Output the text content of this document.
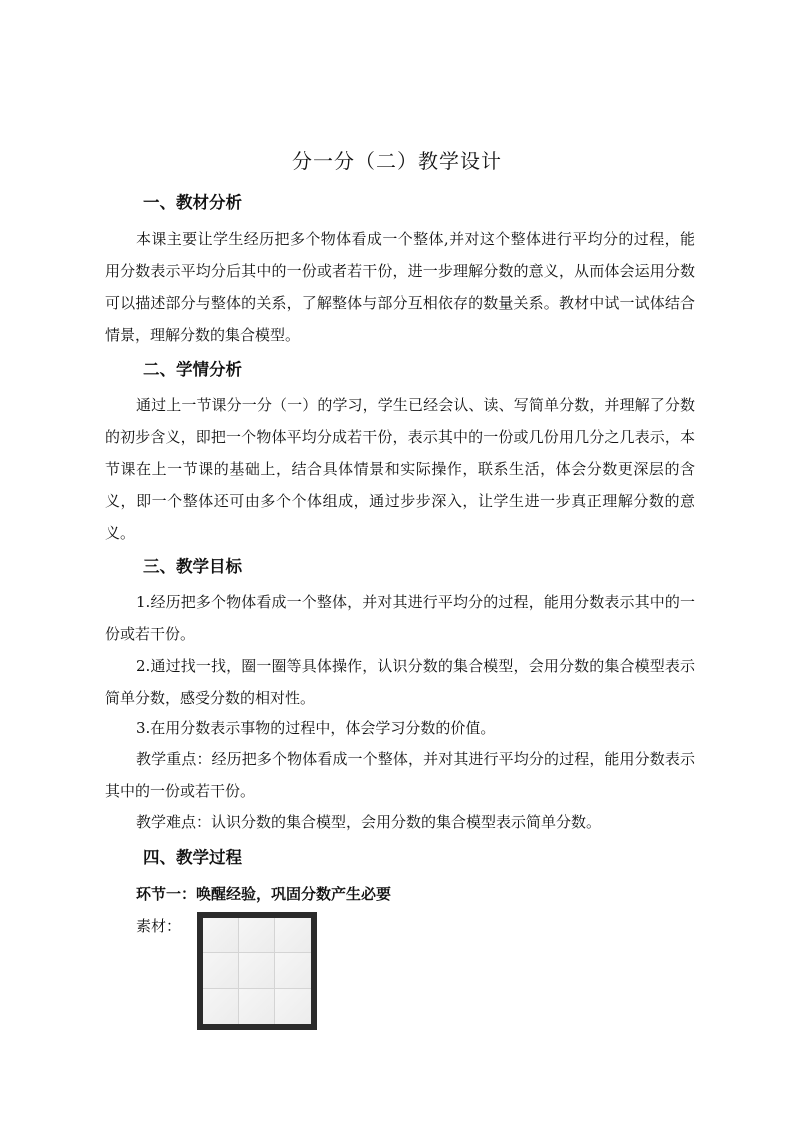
分一分（二）教学设计
一、教材分析

本课主要让学生经历把多个物体看成一个整体,并对这个整体进行平均分的过程，能用分数表示平均分后其中的一份或者若干份，进一步理解分数的意义，从而体会运用分数可以描述部分与整体的关系，了解整体与部分互相依存的数量关系。教材中试一试体结合情景，理解分数的集合模型。

二、学情分析

通过上一节课分一分（一）的学习，学生已经会认、读、写简单分数，并理解了分数的初步含义，即把一个物体平均分成若干份，表示其中的一份或几份用几分之几表示，本节课在上一节课的基础上，结合具体情景和实际操作，联系生活，体会分数更深层的含义，即一个整体还可由多个个体组成，通过步步深入，让学生进一步真正理解分数的意义。

三、教学目标

1.经历把多个物体看成一个整体，并对其进行平均分的过程，能用分数表示其中的一份或若干份。

2.通过找一找，圈一圈等具体操作，认识分数的集合模型，会用分数的集合模型表示简单分数，感受分数的相对性。

3.在用分数表示事物的过程中，体会学习分数的价值。

教学重点：经历把多个物体看成一个整体，并对其进行平均分的过程，能用分数表示其中的一份或若干份。

教学难点：认识分数的集合模型，会用分数的集合模型表示简单分数。

四、教学过程
环节一：唤醒经验，巩固分数产生必要
素材：
